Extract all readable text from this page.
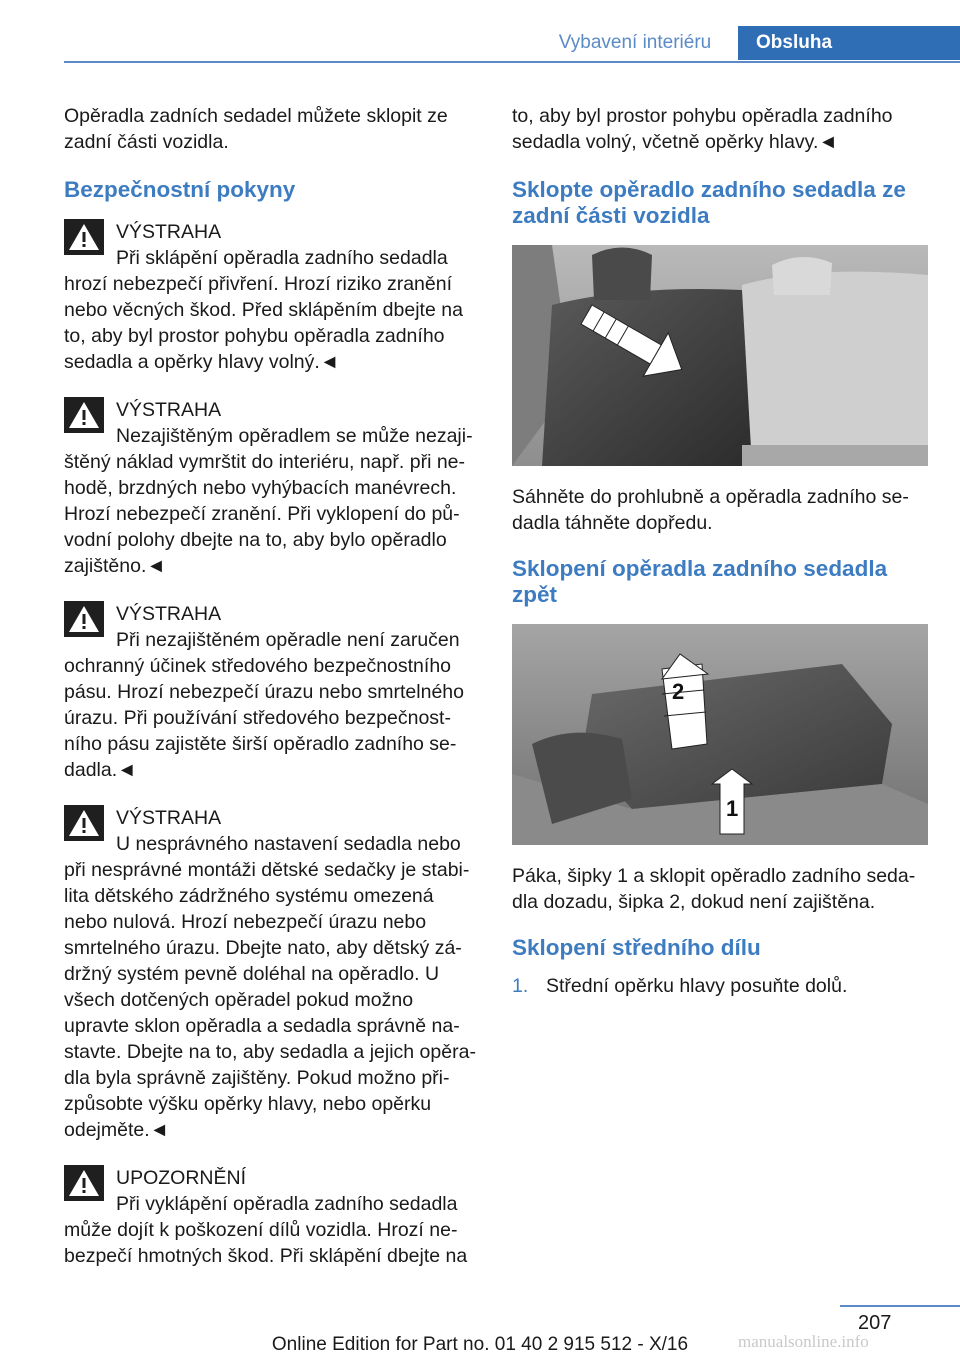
Vybavení interiéru	Obsluha

Opěradla zadních sedadel můžete sklopit ze zadní části vozidla.

Bezpečnostní pokyny

VÝSTRAHA

Při sklápění opěradla zadního sedadla hrozí nebezpečí přivření. Hrozí riziko zranění nebo věcných škod. Před sklápěním dbejte na to, aby byl prostor pohybu opěradla zadního sedadla a opěrky hlavy volný.◄

VÝSTRAHA

Nezajištěným opěradlem se může nezajištěný náklad vymrštit do interiéru, např. při nehodě, brzdných nebo vyhýbacích manévrech. Hrozí nebezpečí zranění. Při vyklopení do původní polohy dbejte na to, aby bylo opěradlo zajištěno.◄

VÝSTRAHA

Při nezajištěném opěradle není zaručen ochranný účinek středového bezpečnostního pásu. Hrozí nebezpečí úrazu nebo smrtelného úrazu. Při používání středového bezpečnostního pásu zajistěte širší opěradlo zadního sedadla.◄

VÝSTRAHA

U nesprávného nastavení sedadla nebo při nesprávné montáži dětské sedačky je stabilita dětského zádržného systému omezená nebo nulová. Hrozí nebezpečí úrazu nebo smrtelného úrazu. Dbejte nato, aby dětský zádržný systém pevně doléhal na opěradlo. U všech dotčených opěradel pokud možno upravte sklon opěradla a sedadla správně nastavte. Dbejte na to, aby sedadla a jejich opěradla byla správně zajištěny. Pokud možno přizpůsobte výšku opěrky hlavy, nebo opěrku odejměte.◄

UPOZORNĚNÍ

Při vyklápění opěradla zadního sedadla může dojít k poškození dílů vozidla. Hrozí nebezpečí hmotných škod. Při sklápění dbejte na

to, aby byl prostor pohybu opěradla zadního sedadla volný, včetně opěrky hlavy.◄

Sklopte opěradlo zadního sedadla ze zadní části vozidla

Sáhněte do prohlubně a opěradla zadního sedadla táhněte dopředu.

Sklopení opěradla zadního sedadla zpět
2
1

Páka, šipky 1 a sklopit opěradlo zadního sedadla dozadu, šipka 2, dokud není zajištěna.

Sklopení středního dílu
1. Střední opěrku hlavy posuňte dolů.
207
Online Edition for Part no. 01 40 2 915 512 - X/16	manualsonline.info
